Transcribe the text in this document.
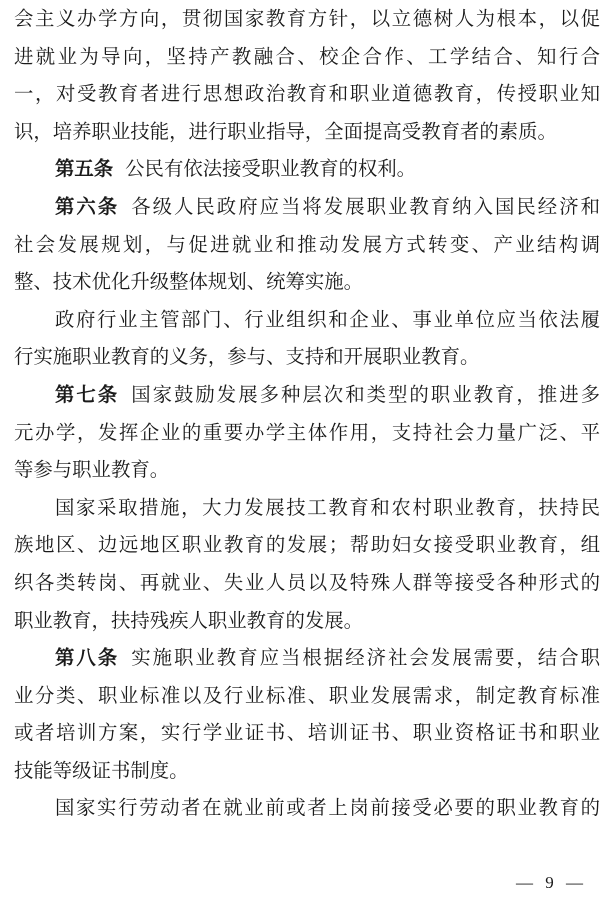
会主义办学方向，贯彻国家教育方针，以立德树人为根本，以促
进就业为导向，坚持产教融合、校企合作、工学结合、知行合
一，对受教育者进行思想政治教育和职业道德教育，传授职业知
识，培养职业技能，进行职业指导，全面提高受教育者的素质。
第五条 公民有依法接受职业教育的权利。
第六条 各级人民政府应当将发展职业教育纳入国民经济和
社会发展规划，与促进就业和推动发展方式转变、产业结构调
整、技术优化升级整体规划、统筹实施。
政府行业主管部门、行业组织和企业、事业单位应当依法履
行实施职业教育的义务，参与、支持和开展职业教育。
第七条 国家鼓励发展多种层次和类型的职业教育，推进多
元办学，发挥企业的重要办学主体作用，支持社会力量广泛、平
等参与职业教育。
国家采取措施，大力发展技工教育和农村职业教育，扶持民
族地区、边远地区职业教育的发展；帮助妇女接受职业教育，组
织各类转岗、再就业、失业人员以及特殊人群等接受各种形式的
职业教育，扶持残疾人职业教育的发展。
第八条 实施职业教育应当根据经济社会发展需要，结合职
业分类、职业标准以及行业标准、职业发展需求，制定教育标准
或者培训方案，实行学业证书、培训证书、职业资格证书和职业
技能等级证书制度。
国家实行劳动者在就业前或者上岗前接受必要的职业教育的
— 9 —
